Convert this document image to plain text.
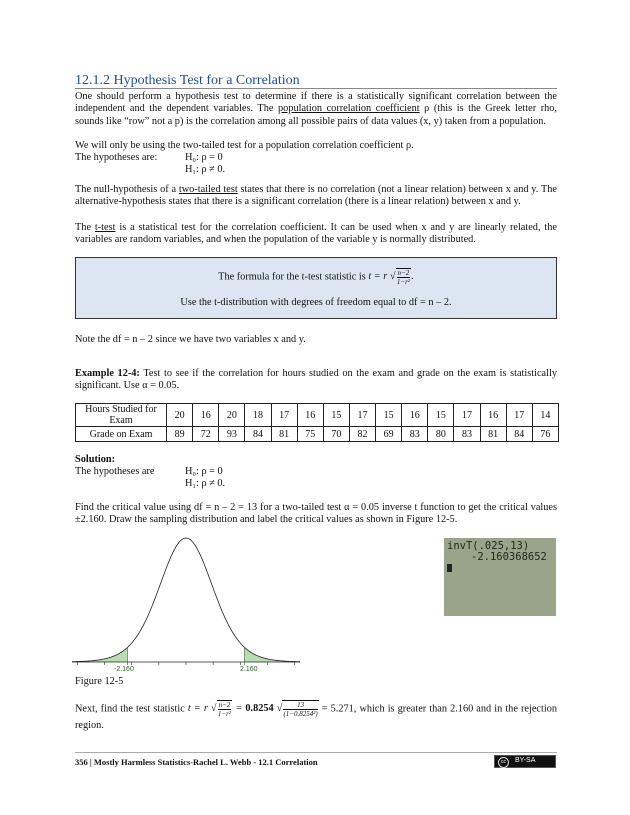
12.1.2 Hypothesis Test for a Correlation
One should perform a hypothesis test to determine if there is a statistically significant correlation between the independent and the dependent variables. The population correlation coefficient ρ (this is the Greek letter rho, sounds like “row” not a p) is the correlation among all possible pairs of data values (x, y) taken from a population.
We will only be using the two-tailed test for a population correlation coefficient ρ.
The hypotheses are:	H₀: ρ = 0
H₁: ρ ≠ 0.
The null-hypothesis of a two-tailed test states that there is no correlation (not a linear relation) between x and y. The alternative-hypothesis states that there is a significant correlation (there is a linear relation) between x and y.
The t-test is a statistical test for the correlation coefficient. It can be used when x and y are linearly related, the variables are random variables, and when the population of the variable y is normally distributed.
The formula for the t-test statistic is t = r √ $\frac{n-2}{\text{1−r²}}$ .
Use the t-distribution with degrees of freedom equal to df = n – 2.
Note the df = n – 2 since we have two variables x and y.
Example 12-4: Test to see if the correlation for hours studied on the exam and grade on the exam is statistically significant. Use α = 0.05.
Hours Studied for Exam	20	16	20	18	17	16	15	17	15	16	15	17	16	17	14
Grade on Exam	89	72	93	84	81	75	70	82	69	83	80	83	81	84	76
Solution:
The hypotheses are	H₀: ρ = 0
H₁: ρ ≠ 0.
Find the critical value using df = n – 2 = 13 for a two-tailed test α = 0.05 inverse t function to get the critical values ±2.160. Draw the sampling distribution and label the critical values as shown in Figure 12-5.
-2.160	2.160
Figure 12-5
invT(.025,13)
-2.160368652
Next, find the test statistic t = r √ $\frac{n-2}{\text{1−r²}} = 0.8254$ √ $\frac{13}{\text{(1−0.8254²)}} = 5.271$, which is greater than 2.160 and in the rejection region.
356 | Mostly Harmless Statistics-Rachel L. Webb - 12.1 Correlation	cc	BY-SA
